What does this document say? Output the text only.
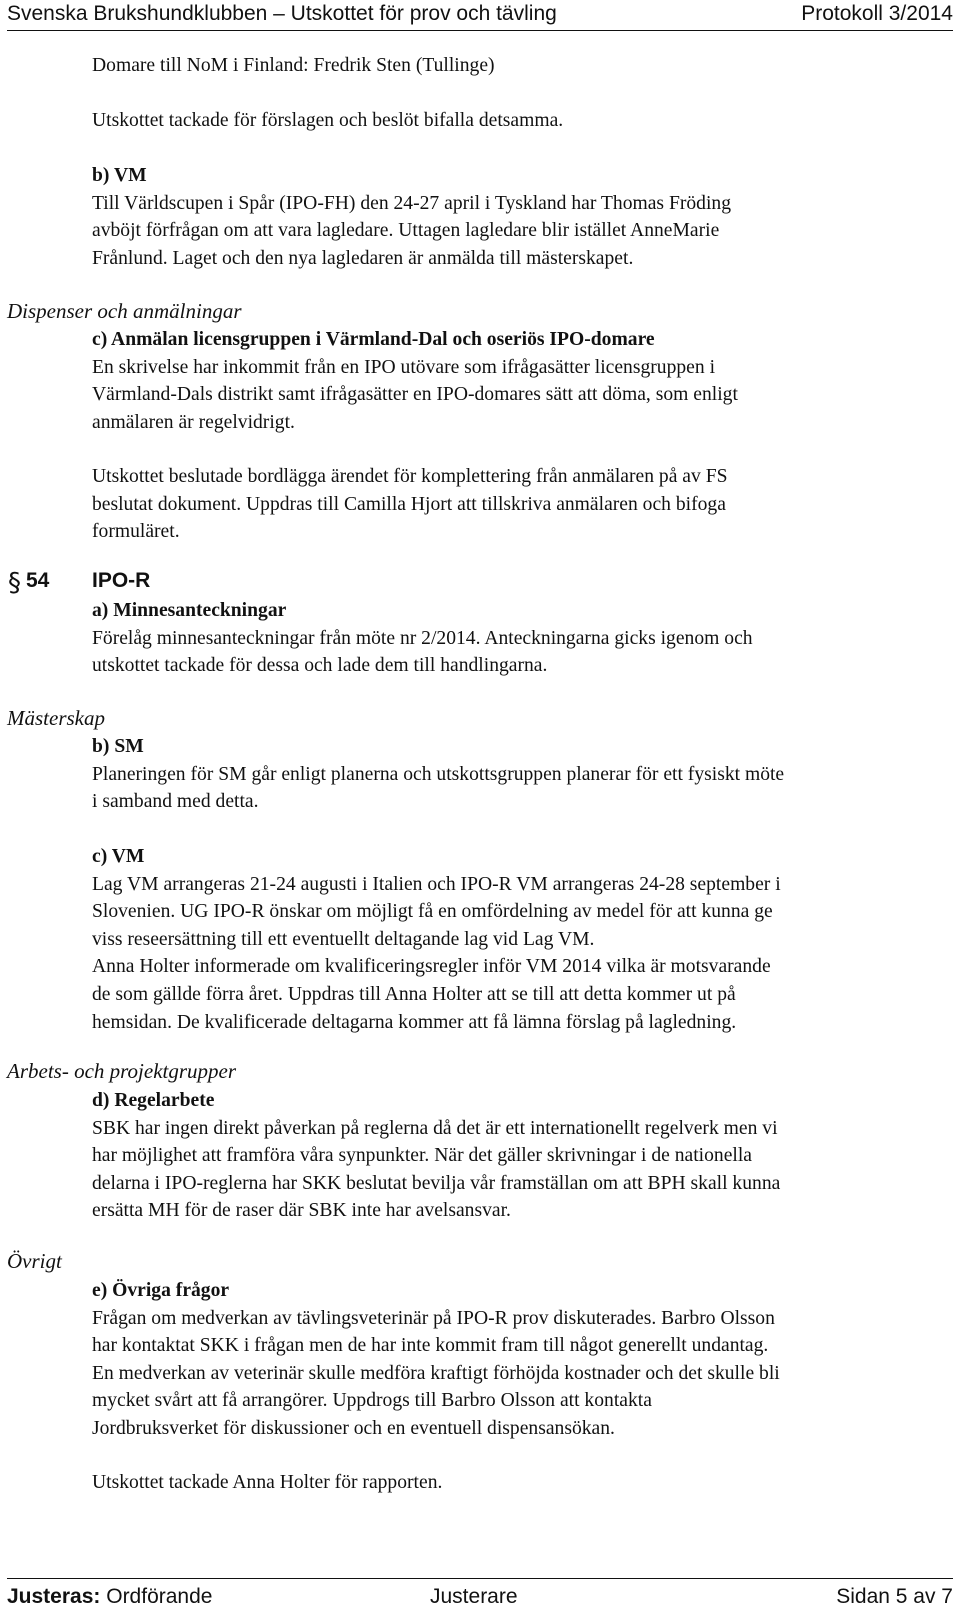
Svenska Brukshundklubben – Utskottet för prov och tävling	Protokoll 3/2014

Domare till NoM i Finland: Fredrik Sten (Tullinge)

Utskottet tackade för förslagen och beslöt bifalla detsamma.

b) VM

Till Världscupen i Spår (IPO-FH) den 24-27 april i Tyskland har Thomas Fröding

avböjt förfrågan om att vara lagledare. Uttagen lagledare blir istället AnneMarie

Frånlund. Laget och den nya lagledaren är anmälda till mästerskapet.

Dispenser och anmälningar

c) Anmälan licensgruppen i Värmland-Dal och oseriös IPO-domare

En skrivelse har inkommit från en IPO utövare som ifrågasätter licensgruppen i

Värmland-Dals distrikt samt ifrågasätter en IPO-domares sätt att döma, som enligt

anmälaren är regelvidrigt.

Utskottet beslutade bordlägga ärendet för komplettering från anmälaren på av FS

beslutat dokument. Uppdras till Camilla Hjort att tillskriva anmälaren och bifoga

formuläret.

§ 54 IPO-R

a) Minnesanteckningar

Förelåg minnesanteckningar från möte nr 2/2014. Anteckningarna gicks igenom och

utskottet tackade för dessa och lade dem till handlingarna.

Mästerskap

b) SM

Planeringen för SM går enligt planerna och utskottsgruppen planerar för ett fysiskt möte

i samband med detta.

c) VM

Lag VM arrangeras 21-24 augusti i Italien och IPO-R VM arrangeras 24-28 september i

Slovenien. UG IPO-R önskar om möjligt få en omfördelning av medel för att kunna ge

viss reseersättning till ett eventuellt deltagande lag vid Lag VM.

Anna Holter informerade om kvalificeringsregler inför VM 2014 vilka är motsvarande

de som gällde förra året. Uppdras till Anna Holter att se till att detta kommer ut på

hemsidan. De kvalificerade deltagarna kommer att få lämna förslag på lagledning.

Arbets- och projektgrupper

d) Regelarbete

SBK har ingen direkt påverkan på reglerna då det är ett internationellt regelverk men vi

har möjlighet att framföra våra synpunkter. När det gäller skrivningar i de nationella

delarna i IPO-reglerna har SKK beslutat bevilja vår framställan om att BPH skall kunna

ersätta MH för de raser där SBK inte har avelsansvar.

Övrigt

e) Övriga frågor

Frågan om medverkan av tävlingsveterinär på IPO-R prov diskuterades. Barbro Olsson

har kontaktat SKK i frågan men de har inte kommit fram till något generellt undantag.

En medverkan av veterinär skulle medföra kraftigt förhöjda kostnader och det skulle bli

mycket svårt att få arrangörer. Uppdrogs till Barbro Olsson att kontakta

Jordbruksverket för diskussioner och en eventuell dispensansökan.

Utskottet tackade Anna Holter för rapporten.

Justeras: Ordförande	Justerare	Sidan 5 av 7
